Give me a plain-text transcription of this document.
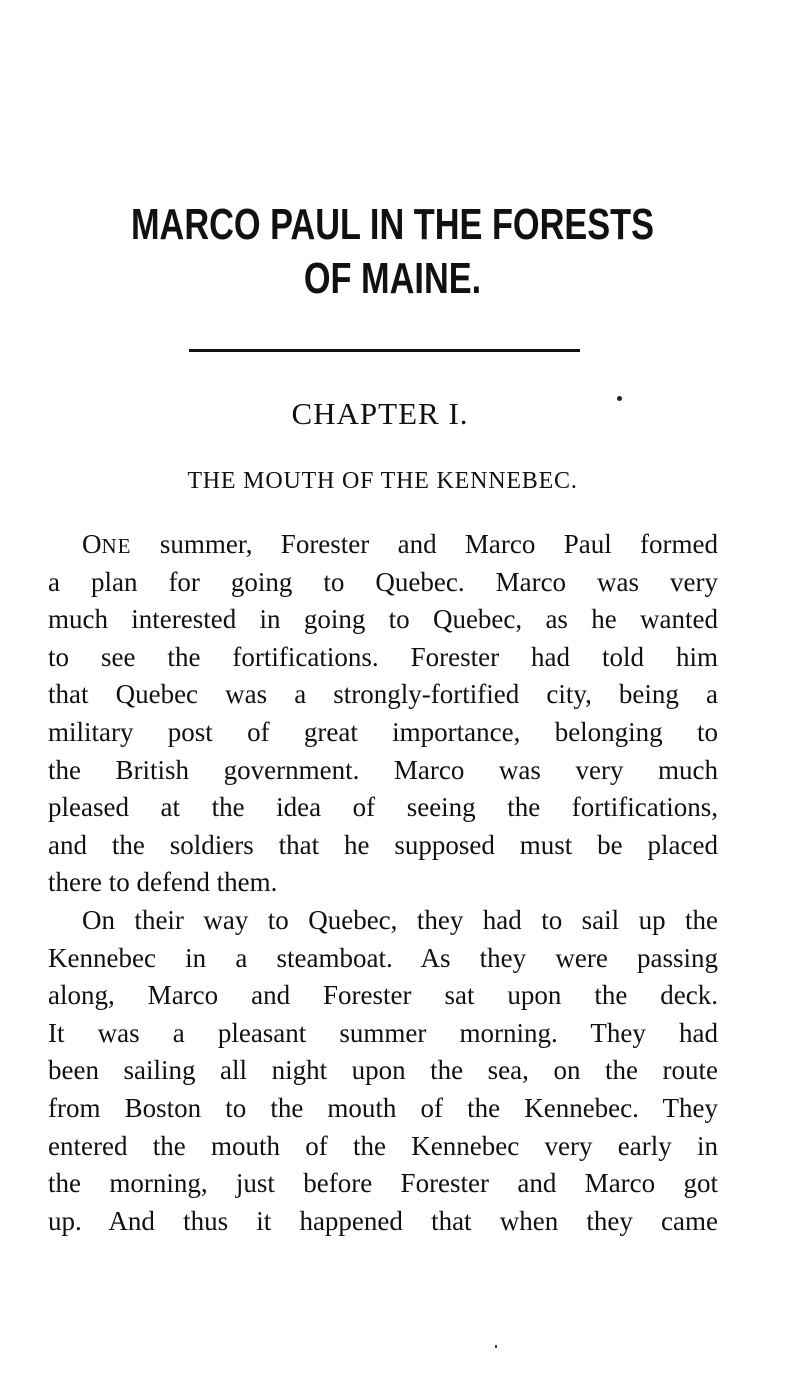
MARCO PAUL IN THE FORESTS
OF MAINE.
CHAPTER I.
THE MOUTH OF THE KENNEBEC.
ONE summer, Forester and Marco Paul formed
a plan for going to Quebec. Marco was very
much interested in going to Quebec, as he wanted
to see the fortifications. Forester had told him
that Quebec was a strongly-fortified city, being a
military post of great importance, belonging to
the British government. Marco was very much
pleased at the idea of seeing the fortifications,
and the soldiers that he supposed must be placed
there to defend them.
On their way to Quebec, they had to sail up the
Kennebec in a steamboat. As they were passing
along, Marco and Forester sat upon the deck.
It was a pleasant summer morning. They had
been sailing all night upon the sea, on the route
from Boston to the mouth of the Kennebec. They
entered the mouth of the Kennebec very early in
the morning, just before Forester and Marco got
up. And thus it happened that when they came
